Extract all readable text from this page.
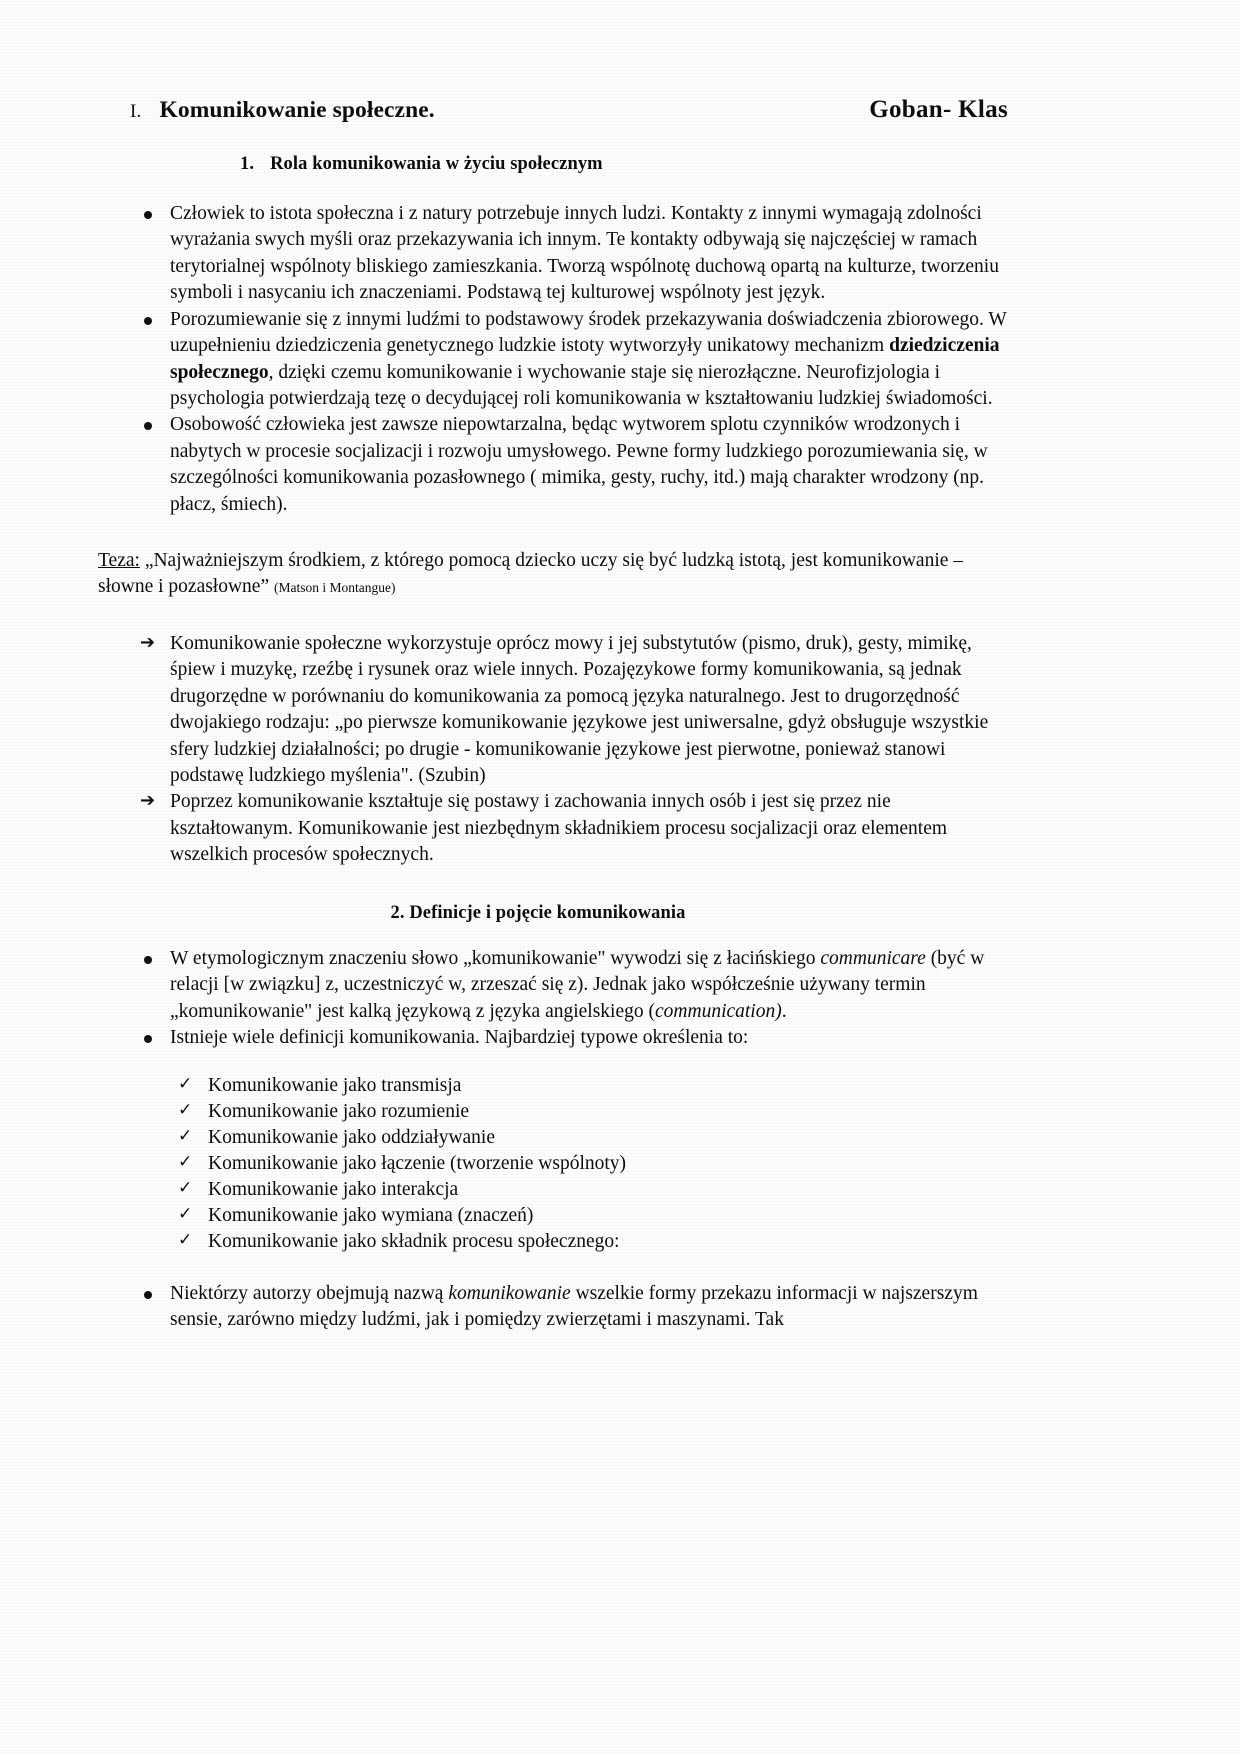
I. Komunikowanie społeczne.	Goban- Klas
1. Rola komunikowania w życiu społecznym
Człowiek to istota społeczna i z natury potrzebuje innych ludzi. Kontakty z innymi wymagają zdolności wyrażania swych myśli oraz przekazywania ich innym. Te kontakty odbywają się najczęściej w ramach terytorialnej wspólnoty bliskiego zamieszkania. Tworzą wspólnotę duchową opartą na kulturze, tworzeniu symboli i nasycaniu ich znaczeniami. Podstawą tej kulturowej wspólnoty jest język.
Porozumiewanie się z innymi ludźmi to podstawowy środek przekazywania doświadczenia zbiorowego. W uzupełnieniu dziedziczenia genetycznego ludzkie istoty wytworzyły unikatowy mechanizm dziedziczenia społecznego, dzięki czemu komunikowanie i wychowanie staje się nierozłączne. Neurofizjologia i psychologia potwierdzają tezę o decydującej roli komunikowania w kształtowaniu ludzkiej świadomości.
Osobowość człowieka jest zawsze niepowtarzalna, będąc wytworem splotu czynników wrodzonych i nabytych w procesie socjalizacji i rozwoju umysłowego. Pewne formy ludzkiego porozumiewania się, w szczególności komunikowania pozasłownego ( mimika, gesty, ruchy, itd.) mają charakter wrodzony (np. płacz, śmiech).
Teza: „Najważniejszym środkiem, z którego pomocą dziecko uczy się być ludzką istotą, jest komunikowanie – słowne i pozasłowne” (Matson i Montangue)
➔ Komunikowanie społeczne wykorzystuje oprócz mowy i jej substytutów (pismo, druk), gesty, mimikę, śpiew i muzykę, rzeźbę i rysunek oraz wiele innych. Pozajęzykowe formy komunikowania, są jednak drugorzędne w porównaniu do komunikowania za pomocą języka naturalnego. Jest to drugorzędność dwojakiego rodzaju: „po pierwsze komunikowanie językowe jest uniwersalne, gdyż obsługuje wszystkie sfery ludzkiej działalności; po drugie - komunikowanie językowe jest pierwotne, ponieważ stanowi podstawę ludzkiego myślenia". (Szubin)
➔ Poprzez komunikowanie kształtuje się postawy i zachowania innych osób i jest się przez nie kształtowanym. Komunikowanie jest niezbędnym składnikiem procesu socjalizacji oraz elementem wszelkich procesów społecznych.
2. Definicje i pojęcie komunikowania
W etymologicznym znaczeniu słowo „komunikowanie" wywodzi się z łacińskiego communicare (być w relacji [w związku] z, uczestniczyć w, zrzeszać się z). Jednak jako współcześnie używany termin „komunikowanie" jest kalką językową z języka angielskiego (communication).
Istnieje wiele definicji komunikowania. Najbardziej typowe określenia to:
✓ Komunikowanie jako transmisja
✓ Komunikowanie jako rozumienie
✓ Komunikowanie jako oddziaływanie
✓ Komunikowanie jako łączenie (tworzenie wspólnoty)
✓ Komunikowanie jako interakcja
✓ Komunikowanie jako wymiana (znaczeń)
✓ Komunikowanie jako składnik procesu społecznego:
Niektórzy autorzy obejmują nazwą komunikowanie wszelkie formy przekazu informacji w najszerszym sensie, zarówno między ludźmi, jak i pomiędzy zwierzętami i maszynami. Tak
